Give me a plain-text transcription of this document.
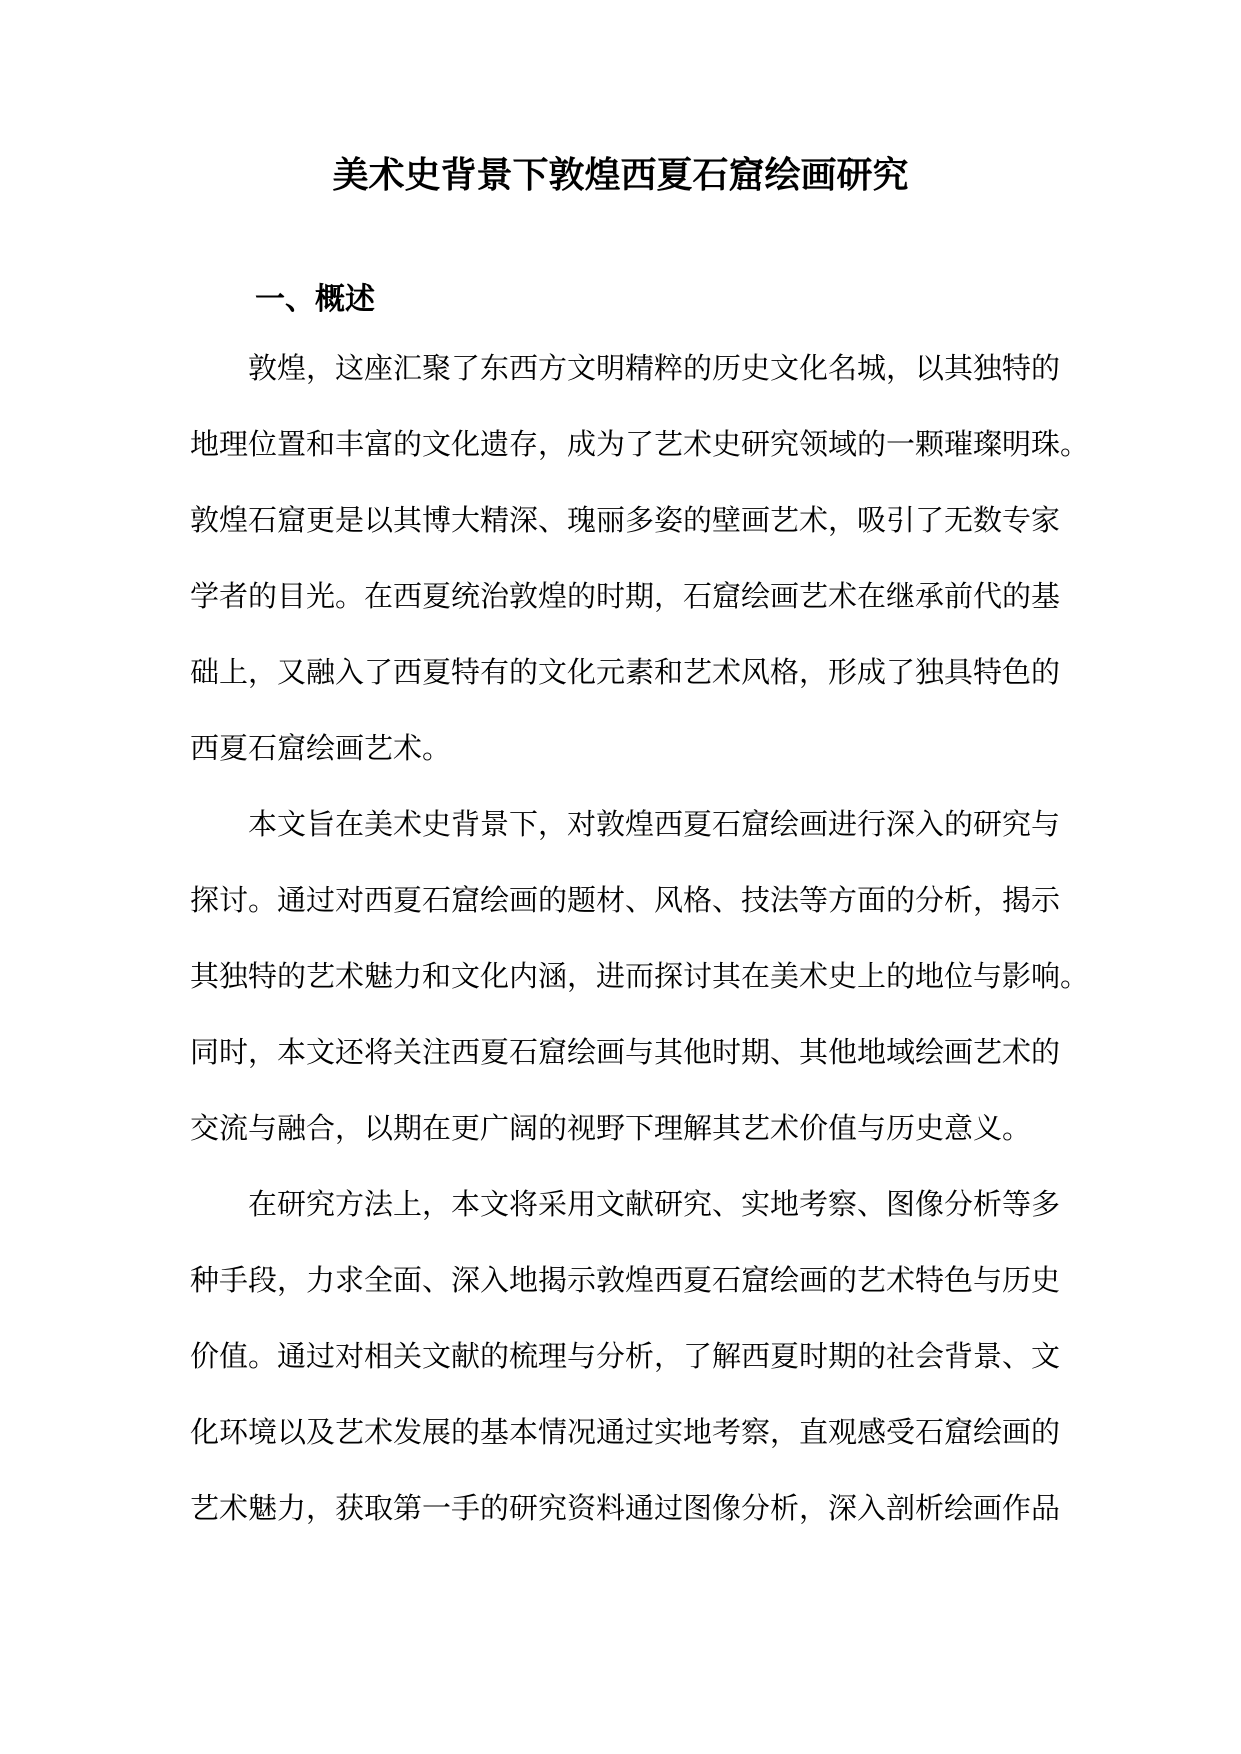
美术史背景下敦煌西夏石窟绘画研究
一、概述
敦煌，这座汇聚了东西方文明精粹的历史文化名城，以其独特的
地理位置和丰富的文化遗存，成为了艺术史研究领域的一颗璀璨明珠。
敦煌石窟更是以其博大精深、瑰丽多姿的壁画艺术，吸引了无数专家
学者的目光。在西夏统治敦煌的时期，石窟绘画艺术在继承前代的基
础上，又融入了西夏特有的文化元素和艺术风格，形成了独具特色的
西夏石窟绘画艺术。
本文旨在美术史背景下，对敦煌西夏石窟绘画进行深入的研究与
探讨。通过对西夏石窟绘画的题材、风格、技法等方面的分析，揭示
其独特的艺术魅力和文化内涵，进而探讨其在美术史上的地位与影响。
同时，本文还将关注西夏石窟绘画与其他时期、其他地域绘画艺术的
交流与融合，以期在更广阔的视野下理解其艺术价值与历史意义。
在研究方法上，本文将采用文献研究、实地考察、图像分析等多
种手段，力求全面、深入地揭示敦煌西夏石窟绘画的艺术特色与历史
价值。通过对相关文献的梳理与分析，了解西夏时期的社会背景、文
化环境以及艺术发展的基本情况通过实地考察，直观感受石窟绘画的
艺术魅力，获取第一手的研究资料通过图像分析，深入剖析绘画作品
